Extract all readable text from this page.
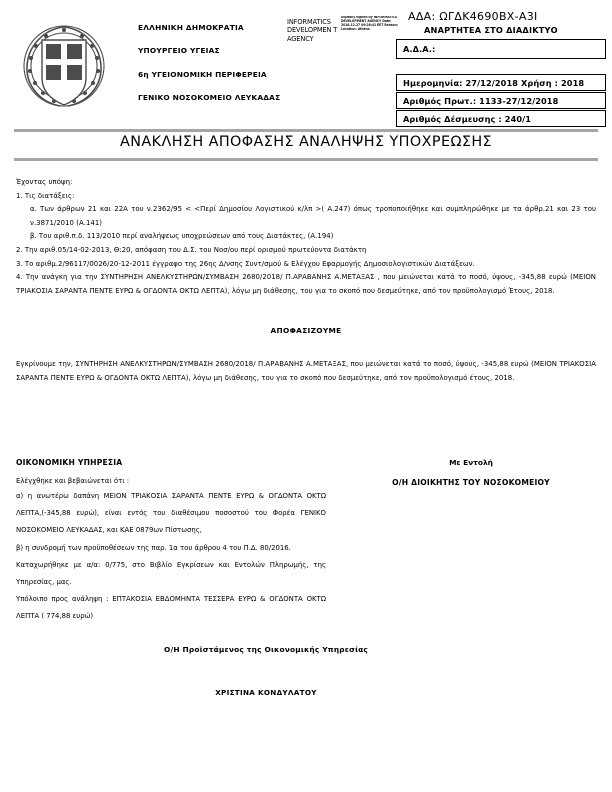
ΕΛΛΗΝΙΚΗ ΔΗΜΟΚΡΑΤΙΑ
ΥΠΟΥΡΓΕΙΟ ΥΓΕΙΑΣ
6η ΥΓΕΙΟΝΟΜΙΚΗ ΠΕΡΙΦΕΡΕΙΑ
ΓΕΝΙΚΟ ΝΟΣΟΚΟΜΕΙΟ ΛΕΥΚΑΔΑΣ
INFORMATICS DEVELOPMEN T AGENCY
Digitally signed by INFORMATICS DEVELOPMENT AGENCY Date: 2018.12.27 09:28:41 EET Reason: Location: Athens
ΑΔΑ: ΩΓΔΚ4690ΒΧ-Α3Ι
ΑΝΑΡΤΗΤΕΑ ΣΤΟ ΔΙΑΔΙΚΤΥΟ
Α.Δ.Α.:
Ημερομηνία: 27/12/2018 Χρήση : 2018
Αριθμός Πρωτ.: 1133-27/12/2018
Αριθμός Δέσμευσης : 240/1
ΑΝΑΚΛΗΣΗ ΑΠΟΦΑΣΗΣ ΑΝΑΛΗΨΗΣ ΥΠΟΧΡΕΩΣΗΣ

Έχοντας υπόψη:

1. Τις διατάξεις:

α. Των άρθρων 21 και 22Α του ν.2362/95 < <Περί Δημοσίου Λογιστικού κ/λπ >( Α.247) όπως τροποποιήθηκε και συμπληρώθηκε με τα άρθρ.21 και 23 του ν.3871/2010 (Α.141)

β. Του αριθ.π.δ. 113/2010 περί αναλήψεως υποχρεώσεων από τους Διατάκτες, (Α.194)

2. Την αριθ.05/14-02-2013, Θ:20, απόφαση του Δ.Σ. του Νοσ/ου περί ορισμού πρωτεύοντα διατάκτη

3. Το αριθμ.2/96117/0026/20-12-2011 έγγραφο της 26ης Δ/νσης Συντ/σμού & Ελέγχου Εφαρμογής Δημοσιολογιστικών Διατάξεων.

4. Την ανάγκη για την ΣΥΝΤΗΡΗΣΗ ΑΝΕΛΚΥΣΤΗΡΩΝ/ΣΥΜΒΑΣΗ 2680/2018/ Π.ΑΡΑΒΑΝΗΣ Α.ΜΕΤΑΞΑΣ , που μειώνεται κατά το ποσό, ύψους, -345,88 ευρώ (ΜΕΙΟΝ ΤΡΙΑΚΟΣΙΑ ΣΑΡΑΝΤΑ ΠΕΝΤΕ ΕΥΡΩ & ΟΓΔΟΝΤΑ ΟΚΤΩ ΛΕΠΤΑ), λόγω μη διάθεσης, του για το σκοπό που δεσμεύτηκε, από τον προϋπολογισμό Έτους, 2018.

ΑΠΟΦΑΣΙΖΟΥΜΕ

Εγκρίνουμε την, ΣΥΝΤΗΡΗΣΗ ΑΝΕΛΚΥΣΤΗΡΩΝ/ΣΥΜΒΑΣΗ 2680/2018/ Π.ΑΡΑΒΑΝΗΣ Α.ΜΕΤΑΞΑΣ, που μειώνεται κατά το ποσό, ύψους, -345,88 ευρώ (ΜΕΙΟΝ ΤΡΙΑΚΟΣΙΑ ΣΑΡΑΝΤΑ ΠΕΝΤΕ ΕΥΡΩ & ΟΓΔΟΝΤΑ ΟΚΤΩ ΛΕΠΤΑ), λόγω μη διάθεσης, του για το σκοπό που δεσμεύτηκε, από τον προϋπολογισμό έτους, 2018.

ΟΙΚΟΝΟΜΙΚΗ ΥΠΗΡΕΣΙΑ
Ελέγχθηκε και βεβαιώνεται ότι :
Με Εντολή
Ο/Η ΔΙΟΙΚΗΤΗΣ ΤΟΥ ΝΟΣΟΚΟΜΕΙΟΥ

α) η ανωτέρω δαπάνη ΜΕΙΟΝ ΤΡΙΑΚΟΣΙΑ ΣΑΡΑΝΤΑ ΠΕΝΤΕ ΕΥΡΩ & ΟΓΔΟΝΤΑ ΟΚΤΩ ΛΕΠΤΑ,(-345,88 ευρώ), είναι εντός του διαθέσιμου ποσοστού του Φορέα ΓΕΝΙΚΟ ΝΟΣΟΚΟΜΕΙΟ ΛΕΥΚΑΔΑΣ, και ΚΑΕ 0879ων Πίστωσης,

β) η συνδρομή των προϋποθέσεων της παρ. 1α του άρθρου 4 του Π.Δ. 80/2016.

Καταχωρήθηκε με α/α: 0/775, στο Βιβλίο Εγκρίσεων και Εντολών Πληρωμής, της Υπηρεσίας, μας.

Υπόλοιπο προς ανάληψη : ΕΠΤΑΚΟΣΙΑ ΕΒΔΟΜΗΝΤΑ ΤΕΣΣΕΡΑ ΕΥΡΩ & ΟΓΔΟΝΤΑ ΟΚΤΩ ΛΕΠΤΑ ( 774,88 ευρώ)

Ο/Η Προϊστάμενος της Οικονομικής Υπηρεσίας
ΧΡΙΣΤΙΝΑ ΚΟΝΔΥΛΑΤΟΥ
